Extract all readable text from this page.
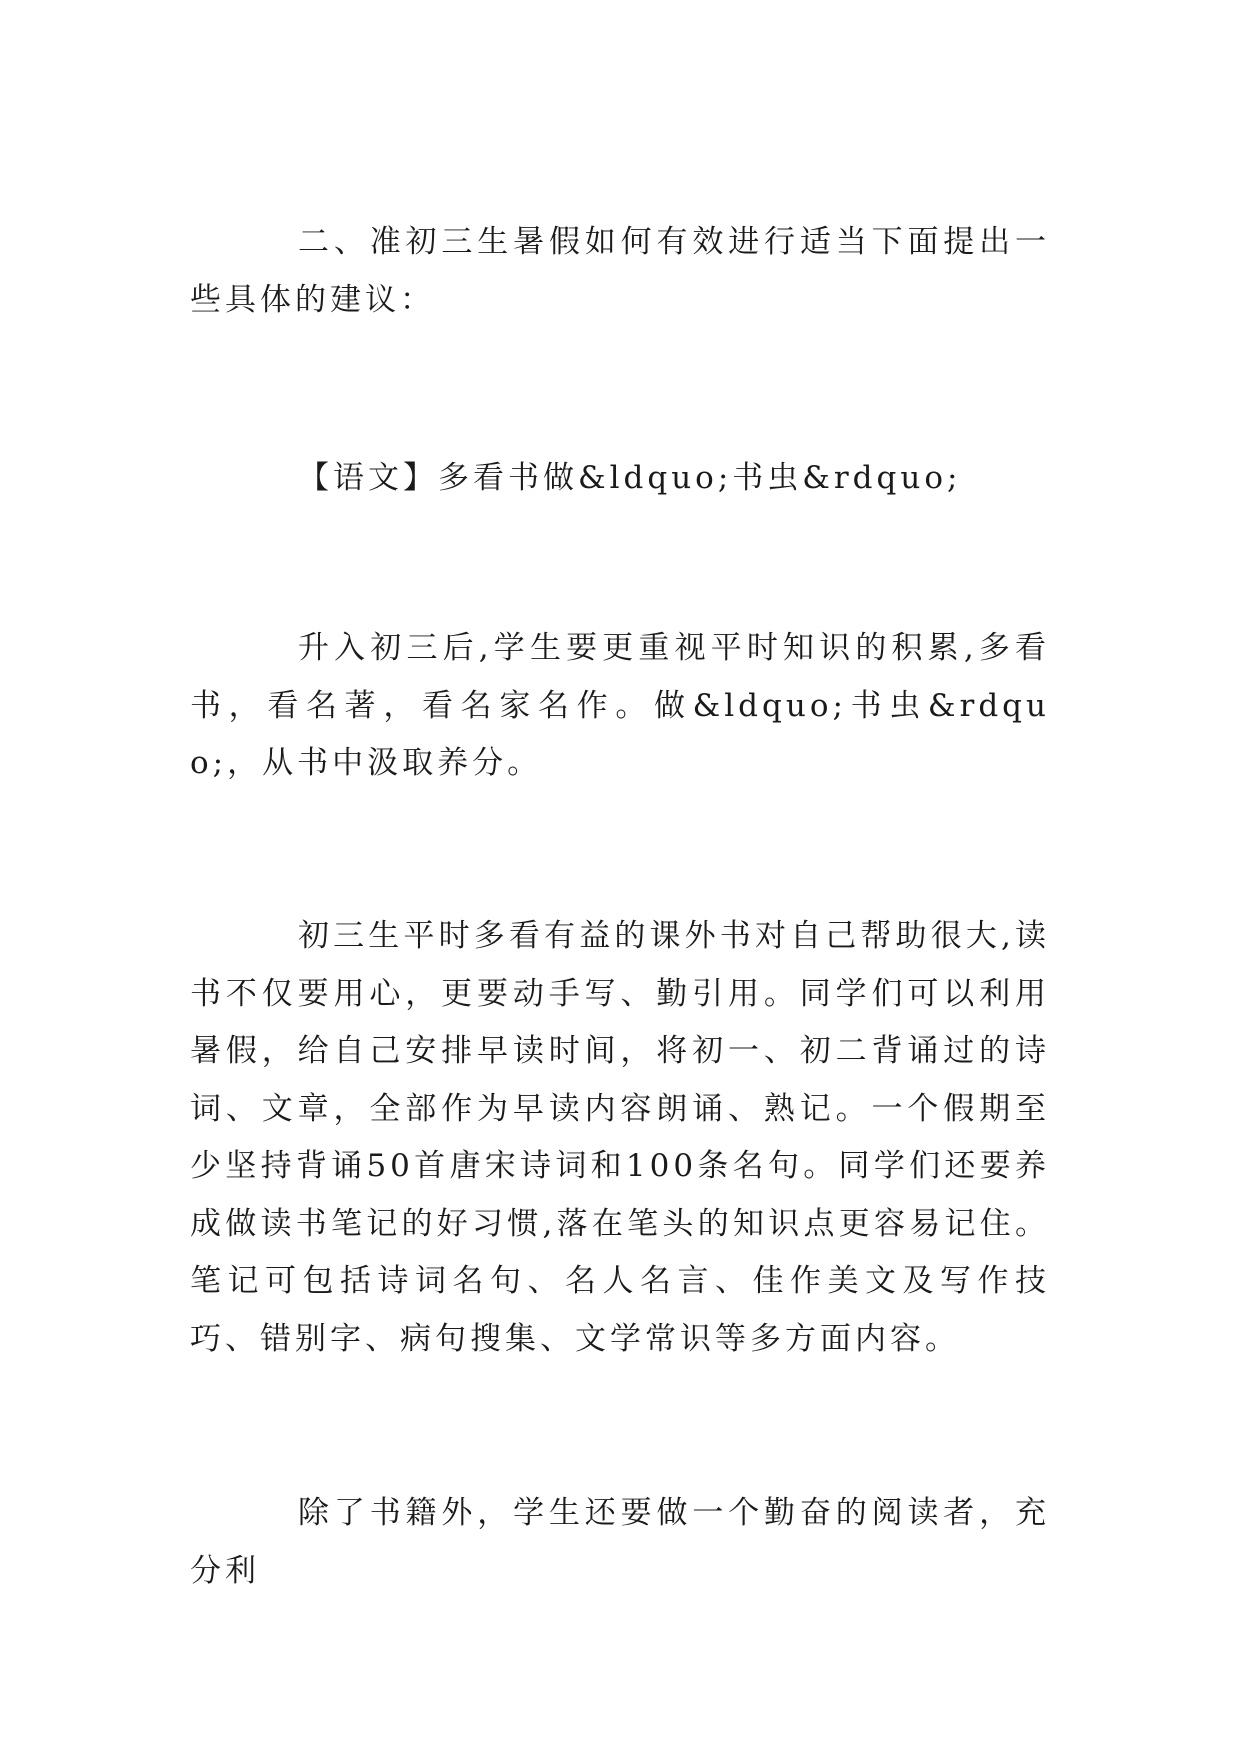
二、准初三生暑假如何有效进行适当下面提出一些具体的建议：

【语文】多看书做&ldquo;书虫&rdquo;

升入初三后,学生要更重视平时知识的积累,多看书，看名著，看名家名作。做&ldquo;书虫&rdquo;，从书中汲取养分。

初三生平时多看有益的课外书对自己帮助很大,读书不仅要用心，更要动手写、勤引用。同学们可以利用暑假，给自己安排早读时间，将初一、初二背诵过的诗词、文章，全部作为早读内容朗诵、熟记。一个假期至少坚持背诵50首唐宋诗词和100条名句。同学们还要养成做读书笔记的好习惯,落在笔头的知识点更容易记住。笔记可包括诗词名句、名人名言、佳作美文及写作技巧、错别字、病句搜集、文学常识等多方面内容。

除了书籍外，学生还要做一个勤奋的阅读者，充分利
